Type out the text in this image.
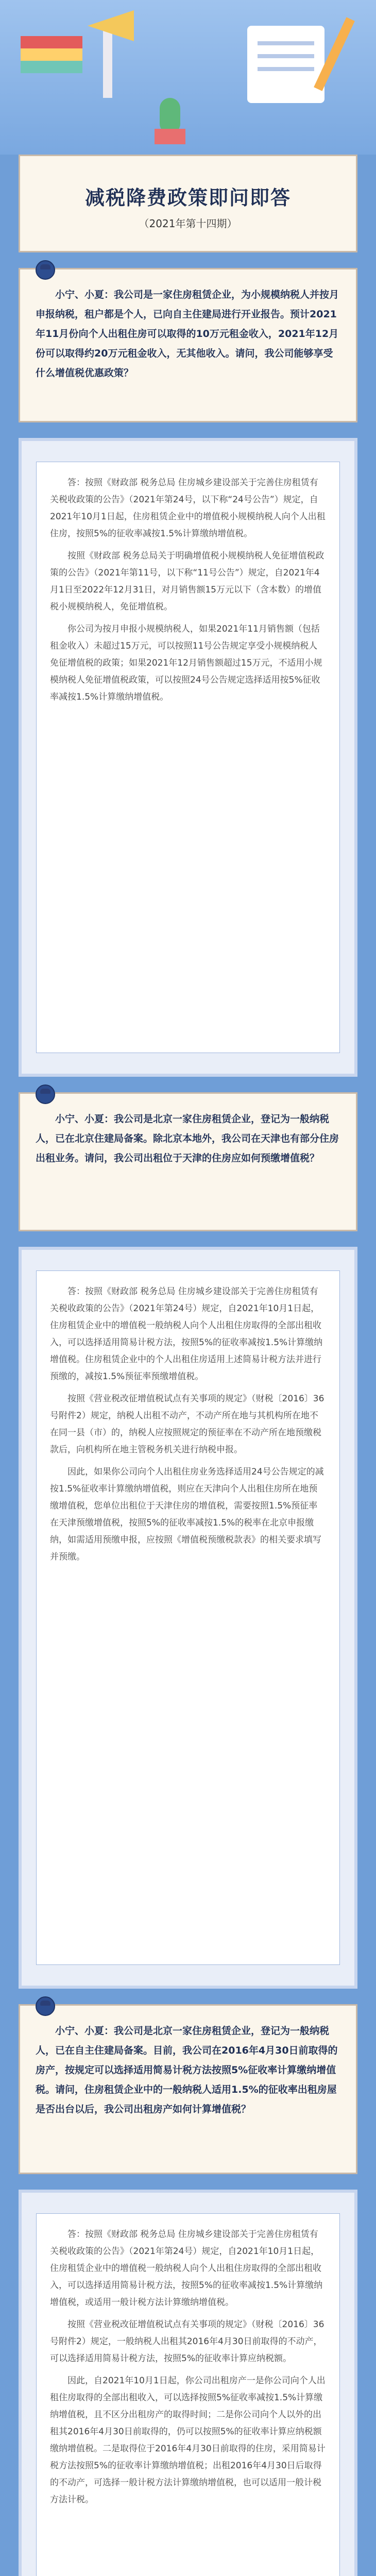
减税降费政策即问即答
（2021年第十四期）

小宁、小夏：我公司是一家住房租赁企业，为小规模纳税人并按月申报纳税，租户都是个人，已向自主住建局进行开业报告。预计2021年11月份向个人出租住房可以取得的10万元租金收入，2021年12月份可以取得约20万元租金收入，无其他收入。请问，我公司能够享受什么增值税优惠政策？

答：按照《财政部 税务总局 住房城乡建设部关于完善住房租赁有关税收政策的公告》（2021年第24号，以下称“24号公告”）规定，自2021年10月1日起，住房租赁企业中的增值税小规模纳税人向个人出租住房，按照5%的征收率减按1.5%计算缴纳增值税。

按照《财政部 税务总局关于明确增值税小规模纳税人免征增值税政策的公告》（2021年第11号，以下称“11号公告”）规定，自2021年4月1日至2022年12月31日，对月销售额15万元以下（含本数）的增值税小规模纳税人，免征增值税。

你公司为按月申报小规模纳税人，如果2021年11月销售额（包括租金收入）未超过15万元，可以按照11号公告规定享受小规模纳税人免征增值税的政策；如果2021年12月销售额超过15万元，不适用小规模纳税人免征增值税政策，可以按照24号公告规定选择适用按5%征收率减按1.5%计算缴纳增值税。

小宁、小夏：我公司是北京一家住房租赁企业，登记为一般纳税人，已在北京住建局备案。除北京本地外，我公司在天津也有部分住房出租业务。请问，我公司出租位于天津的住房应如何预缴增值税？

答：按照《财政部 税务总局 住房城乡建设部关于完善住房租赁有关税收政策的公告》（2021年第24号）规定，自2021年10月1日起，住房租赁企业中的增值税一般纳税人向个人出租住房取得的全部出租收入，可以选择适用简易计税方法，按照5%的征收率减按1.5%计算缴纳增值税。住房租赁企业中的个人出租住房适用上述简易计税方法并进行预缴的，减按1.5%预征率预缴增值税。

按照《营业税改征增值税试点有关事项的规定》（财税〔2016〕36号附件2）规定，纳税人出租不动产，不动产所在地与其机构所在地不在同一县（市）的，纳税人应按照规定的预征率在不动产所在地预缴税款后，向机构所在地主管税务机关进行纳税申报。

因此，如果你公司向个人出租住房业务选择适用24号公告规定的减按1.5%征收率计算缴纳增值税，则应在天津向个人出租住房所在地预缴增值税，您单位出租位于天津住房的增值税，需要按照1.5%预征率在天津预缴增值税，按照5%的征收率减按1.5%的税率在北京申报缴纳，如需适用预缴申报，应按照《增值税预缴税款表》的相关要求填写并预缴。

小宁、小夏：我公司是北京一家住房租赁企业，登记为一般纳税人，已在自主住建局备案。目前，我公司在2016年4月30日前取得的房产，按规定可以选择适用简易计税方法按照5%征收率计算缴纳增值税。请问，住房租赁企业中的一般纳税人适用1.5%的征收率出租房屋是否出台以后，我公司出租房产如何计算增值税？

答：按照《财政部 税务总局 住房城乡建设部关于完善住房租赁有关税收政策的公告》（2021年第24号）规定，自2021年10月1日起，住房租赁企业中的增值税一般纳税人向个人出租住房取得的全部出租收入，可以选择适用简易计税方法，按照5%的征收率减按1.5%计算缴纳增值税，或适用一般计税方法计算缴纳增值税。

按照《营业税改征增值税试点有关事项的规定》（财税〔2016〕36号附件2）规定，一般纳税人出租其2016年4月30日前取得的不动产，可以选择适用简易计税方法，按照5%的征收率计算应纳税额。

因此，自2021年10月1日起，你公司出租房产一是你公司向个人出租住房取得的全部出租收入，可以选择按照5%征收率减按1.5%计算缴纳增值税，且不区分出租房产的取得时间；二是你公司向个人以外的出租其2016年4月30日前取得的，仍可以按照5%的征收率计算应纳税额缴纳增值税。二是取得位于2016年4月30日前取得的住房，采用简易计税方法按照5%的征收率计算缴纳增值税；出租2016年4月30日后取得的不动产，可选择一般计税方法计算缴纳增值税，也可以适用一般计税方法计税。
